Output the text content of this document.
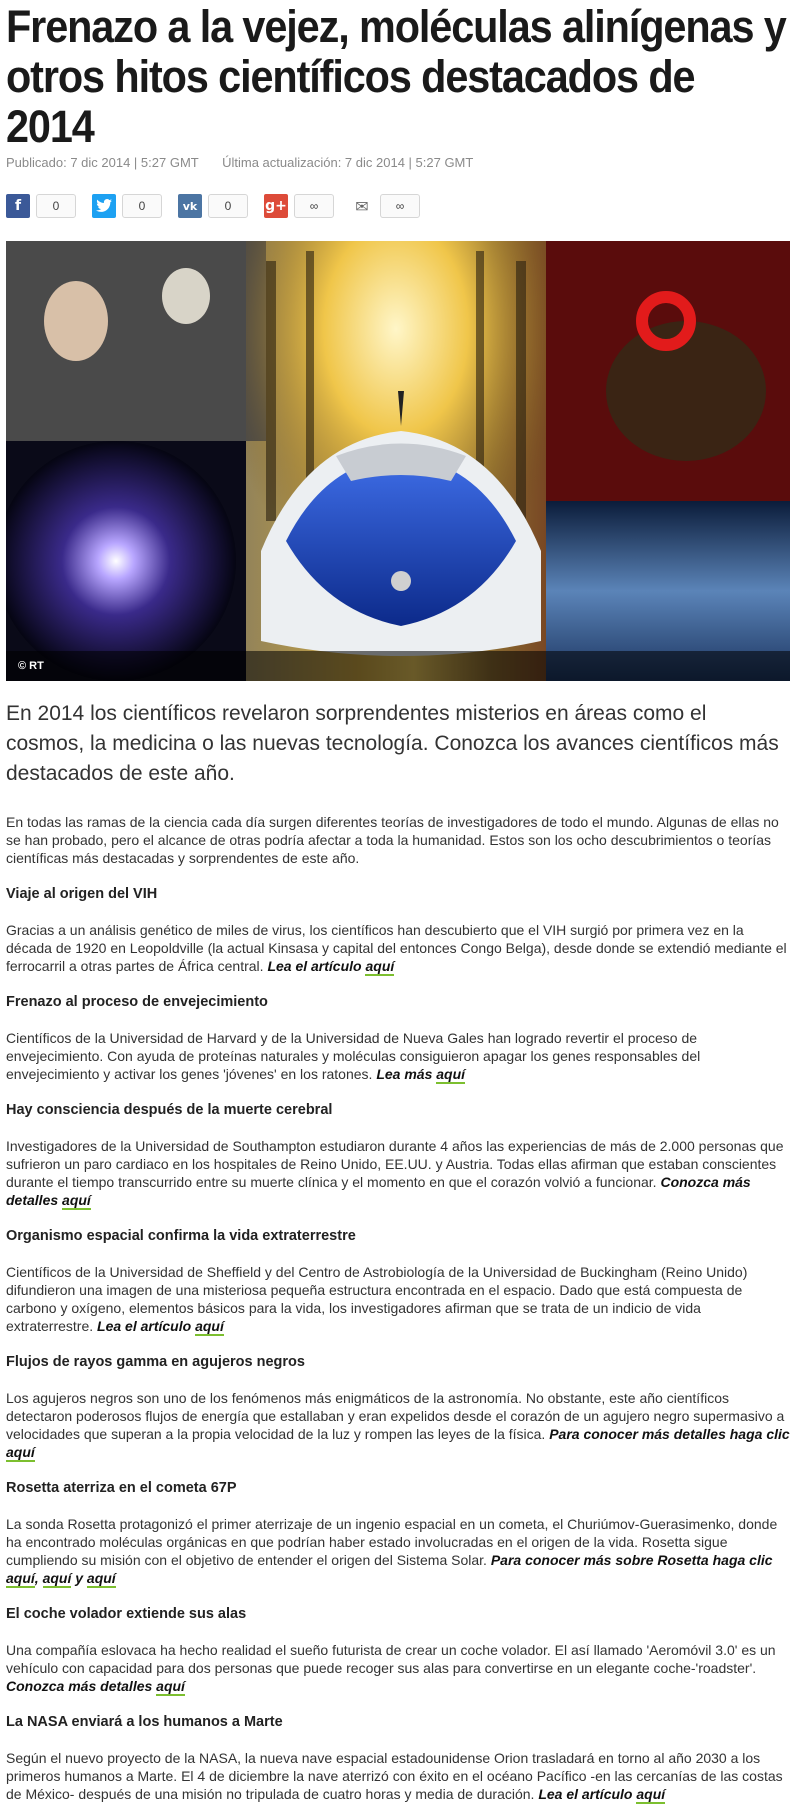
Frenazo a la vejez, moléculas alinígenas y otros hitos científicos destacados de 2014
Publicado: 7 dic 2014 | 5:27 GMT Última actualización: 7 dic 2014 | 5:27 GMT
f	0	0	vk	0	g+	∞	✉	∞
© RT

En 2014 los científicos revelaron sorprendentes misterios en áreas como el cosmos, la medicina o las nuevas tecnología. Conozca los avances científicos más destacados de este año.

En todas las ramas de la ciencia cada día surgen diferentes teorías de investigadores de todo el mundo. Algunas de ellas no se han probado, pero el alcance de otras podría afectar a toda la humanidad. Estos son los ocho descubrimientos o teorías científicas más destacadas y sorprendentes de este año.

Viaje al origen del VIH

Gracias a un análisis genético de miles de virus, los científicos han descubierto que el VIH surgió por primera vez en la década de 1920 en Leopoldville (la actual Kinsasa y capital del entonces Congo Belga), desde donde se extendió mediante el ferrocarril a otras partes de África central. Lea el artículo aquí

Frenazo al proceso de envejecimiento

Científicos de la Universidad de Harvard y de la Universidad de Nueva Gales han logrado revertir el proceso de envejecimiento. Con ayuda de proteínas naturales y moléculas consiguieron apagar los genes responsables del envejecimiento y activar los genes 'jóvenes' en los ratones. Lea más aquí

Hay consciencia después de la muerte cerebral

Investigadores de la Universidad de Southampton estudiaron durante 4 años las experiencias de más de 2.000 personas que sufrieron un paro cardiaco en los hospitales de Reino Unido, EE.UU. y Austria. Todas ellas afirman que estaban conscientes durante el tiempo transcurrido entre su muerte clínica y el momento en que el corazón volvió a funcionar. Conozca más detalles aquí

Organismo espacial confirma la vida extraterrestre

Científicos de la Universidad de Sheffield y del Centro de Astrobiología de la Universidad de Buckingham (Reino Unido) difundieron una imagen de una misteriosa pequeña estructura encontrada en el espacio. Dado que está compuesta de carbono y oxígeno, elementos básicos para la vida, los investigadores afirman que se trata de un indicio de vida extraterrestre. Lea el artículo aquí

Flujos de rayos gamma en agujeros negros

Los agujeros negros son uno de los fenómenos más enigmáticos de la astronomía. No obstante, este año científicos detectaron poderosos flujos de energía que estallaban y eran expelidos desde el corazón de un agujero negro supermasivo a velocidades que superan a la propia velocidad de la luz y rompen las leyes de la física. Para conocer más detalles haga clic aquí

Rosetta aterriza en el cometa 67P

La sonda Rosetta protagonizó el primer aterrizaje de un ingenio espacial en un cometa, el Churiúmov-Guerasimenko, donde ha encontrado moléculas orgánicas en que podrían haber estado involucradas en el origen de la vida. Rosetta sigue cumpliendo su misión con el objetivo de entender el origen del Sistema Solar. Para conocer más sobre Rosetta haga clic aquí, aquí y aquí

El coche volador extiende sus alas

Una compañía eslovaca ha hecho realidad el sueño futurista de crear un coche volador. El así llamado 'Aeromóvil 3.0' es un vehículo con capacidad para dos personas que puede recoger sus alas para convertirse en un elegante coche-'roadster'. Conozca más detalles aquí

La NASA enviará a los humanos a Marte

Según el nuevo proyecto de la NASA, la nueva nave espacial estadounidense Orion trasladará en torno al año 2030 a los primeros humanos a Marte. El 4 de diciembre la nave aterrizó con éxito en el océano Pacífico -en las cercanías de las costas de México- después de una misión no tripulada de cuatro horas y media de duración. Lea el artículo aquí
